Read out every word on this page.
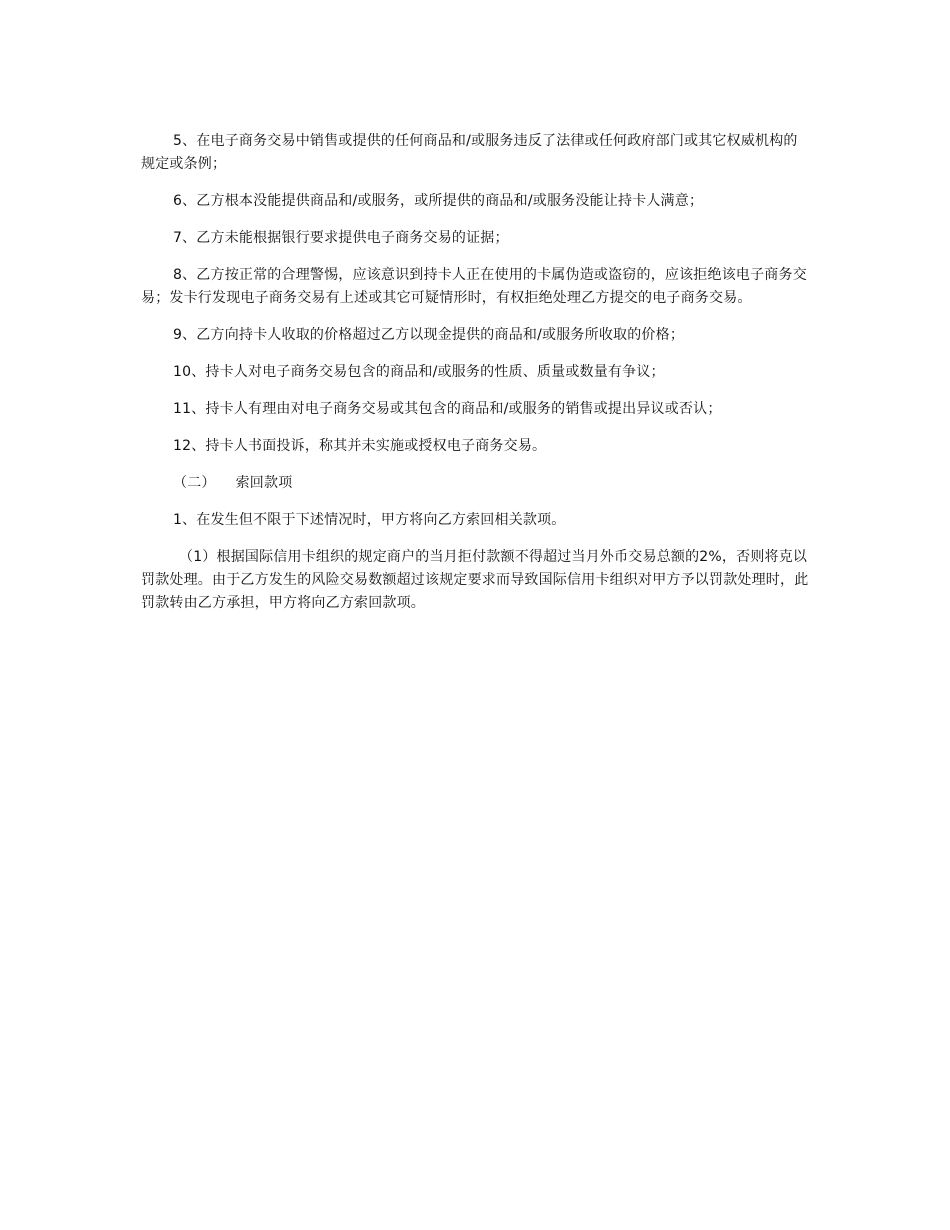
5、在电子商务交易中销售或提供的任何商品和/或服务违反了法律或任何政府部门或其它权威机构的规定或条例；

6、乙方根本没能提供商品和/或服务，或所提供的商品和/或服务没能让持卡人满意；

7、乙方未能根据银行要求提供电子商务交易的证据；

8、乙方按正常的合理警惕，应该意识到持卡人正在使用的卡属伪造或盗窃的，应该拒绝该电子商务交易；发卡行发现电子商务交易有上述或其它可疑情形时，有权拒绝处理乙方提交的电子商务交易。

9、乙方向持卡人收取的价格超过乙方以现金提供的商品和/或服务所收取的价格；

10、持卡人对电子商务交易包含的商品和/或服务的性质、质量或数量有争议；

11、持卡人有理由对电子商务交易或其包含的商品和/或服务的销售或提出异议或否认；

12、持卡人书面投诉，称其并未实施或授权电子商务交易。

（二） 索回款项

1、在发生但不限于下述情况时，甲方将向乙方索回相关款项。

（1）根据国际信用卡组织的规定商户的当月拒付款额不得超过当月外币交易总额的2%，否则将克以罚款处理。由于乙方发生的风险交易数额超过该规定要求而导致国际信用卡组织对甲方予以罚款处理时，此罚款转由乙方承担，甲方将向乙方索回款项。
